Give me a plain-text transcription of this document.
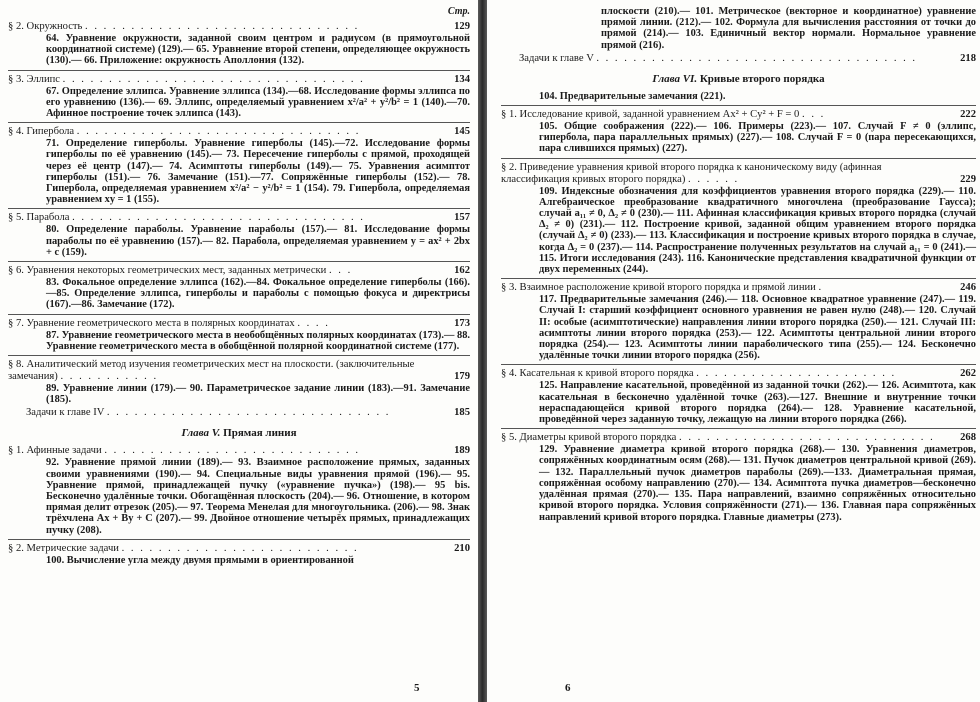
Стр.
§ 2. Окружность . . . . . . . . . . . . . . . . . . . . . . . . . . . . . .	129
64. Уравнение окружности, заданной своим центром и радиусом (в прямоугольной координатной системе) (129).— 65. Уравнение второй степени, определяющее окружность (130).— 66. Приложение: окружность Аполлония (132).
§ 3. Эллипс . . . . . . . . . . . . . . . . . . . . . . . . . . . . . . . . .	134
67. Определение эллипса. Уравнение эллипса (134).—68. Исследование формы эллипса по его уравнению (136).— 69. Эллипс, определяемый уравнением x²/a² + y²/b² = 1 (140).—70. Афинное построение точек эллипса (143).
§ 4. Гипербола . . . . . . . . . . . . . . . . . . . . . . . . . . . . . . .	145
71. Определение гиперболы. Уравнение гиперболы (145).—72. Исследование формы гиперболы по её уравнению (145).— 73. Пересечение гиперболы с прямой, проходящей через её центр (147).— 74. Асимптоты гиперболы (149).— 75. Уравнения асимптот гиперболы (151).— 76. Замечание (151).—77. Сопряжённые гиперболы (152).— 78. Гипербола, определяемая уравнением x²/a² − y²/b² = 1 (154). 79. Гипербола, определяемая уравнением xy = 1 (155).
§ 5. Парабола . . . . . . . . . . . . . . . . . . . . . . . . . . . . . . . .	157
80. Определение параболы. Уравнение параболы (157).— 81. Исследование формы параболы по её уравнению (157).— 82. Парабола, определяемая уравнением y = ax² + 2bx + c (159).
§ 6. Уравнения некоторых геометрических мест, заданных метрически . . .	162
83. Фокальное определение эллипса (162).—84. Фокальное определение гиперболы (166).—85. Определение эллипса, гиперболы и параболы с помощью фокуса и директрисы (167).—86. Замечание (172).
§ 7. Уравнение геометрического места в полярных координатах . . . .	173
87. Уравнение геометрического места в необобщённых полярных координатах (173).— 88. Уравнение геометрического места в обобщённой полярной координатной системе (177).
§ 8. Аналитический метод изучения геометрических мест на плоскости. (заключительные замечания) . . . . . . . . . . .	179
89. Уравнение линии (179).— 90. Параметрическое задание линии (183).—91. Замечание (185).
Задачи к главе IV . . . . . . . . . . . . . . . . . . . . . . . . . . . . . . .	185
Глава V. Прямая линия
§ 1. Афинные задачи . . . . . . . . . . . . . . . . . . . . . . . . . . . .	189
92. Уравнение прямой линии (189).— 93. Взаимное расположение прямых, заданных своими уравнениями (190).— 94. Специальные виды уравнения прямой (196).— 95. Уравнение прямой, принадлежащей пучку («уравнение пучка») (198).— 95 bis. Бесконечно удалённые точки. Обогащённая плоскость (204).— 96. Отношение, в котором прямая делит отрезок (205).— 97. Теорема Менелая для многоугольника. (206).— 98. Знак трёхчлена Ax + By + C (207).— 99. Двойное отношение четырёх прямых, принадлежащих пучку (208).
§ 2. Метрические задачи . . . . . . . . . . . . . . . . . . . . . . . . . .	210
100. Вычисление угла между двумя прямыми в ориентированной
5
плоскости (210).— 101. Метрическое (векторное и координатное) уравнение прямой линии. (212).— 102. Формула для вычисления расстояния от точки до прямой (214).— 103. Единичный вектор нормали. Нормальное уравнение прямой (216).
Задачи к главе V . . . . . . . . . . . . . . . . . . . . . . . . . . . . . . . . . . .	218
Глава VI. Кривые второго порядка
104. Предварительные замечания (221).
§ 1. Исследование кривой, заданной уравнением Ax² + Cy² + F = 0 . . .	222
105. Общие соображения (222).— 106. Примеры (223).— 107. Случай F ≠ 0 (эллипс, гипербола, пара параллельных прямых) (227).— 108. Случай F = 0 (пара пересекающихся, пара слившихся прямых) (227).
§ 2. Приведение уравнения кривой второго порядка к каноническому виду (афинная классификация кривых второго порядка) . . . . . .	229
109. Индексные обозначения для коэффициентов уравнения второго порядка (229).— 110. Алгебраическое преобразование квадратичного многочлена (преобразование Гаусса); случай a₁₁ ≠ 0, Δ₂ ≠ 0 (230).— 111. Афинная классификация кривых второго порядка (случай Δ₂ ≠ 0) (231).— 112. Построение кривой, заданной общим уравнением второго порядка (случай Δ₂ ≠ 0) (233).— 113. Классификация и построение кривых второго порядка в случае, когда Δ₂ = 0 (237).— 114. Распространение полученных результатов на случай a₁₁ = 0 (241).— 115. Итоги исследования (243). 116. Канонические представления квадратичной функции от двух переменных (244).
§ 3. Взаимное расположение кривой второго порядка и прямой линии .	246
117. Предварительные замечания (246).— 118. Основное квадратное уравнение (247).— 119. Случай I: старший коэффициент основного уравнения не равен нулю (248).— 120. Случай II: особые (асимптотические) направления линии второго порядка (250).— 121. Случай III: асимптоты линии второго порядка (253).— 122. Асимптоты центральной линии второго порядка (254).— 123. Асимптоты линии параболического типа (255).— 124. Бесконечно удалённые точки линии второго порядка (256).
§ 4. Касательная к кривой второго порядка . . . . . . . . . . . . . . . . . . . . . .	262
125. Направление касательной, проведённой из заданной точки (262).— 126. Асимптота, как касательная в бесконечно удалённой точке (263).—127. Внешние и внутренние точки нераспадающейся кривой второго порядка (264).— 128. Уравнение касательной, проведённой через заданную точку, лежащую на линии второго порядка (266).
§ 5. Диаметры кривой второго порядка . . . . . . . . . . . . . . . . . . . . . . . . . . . .	268
129. Уравнение диаметра кривой второго порядка (268).— 130. Уравнения диаметров, сопряжённых координатным осям (268).— 131. Пучок диаметров центральной кривой (269).— 132. Параллельный пучок диаметров параболы (269).—133. Диаметральная прямая, сопряжённая особому направлению (270).— 134. Асимптота пучка диаметров—бесконечно удалённая прямая (270).— 135. Пара направлений, взаимно сопряжённых относительно кривой второго порядка. Условия сопряжённости (271).— 136. Главная пара сопряжённых направлений кривой второго порядка. Главные диаметры (273).
6
